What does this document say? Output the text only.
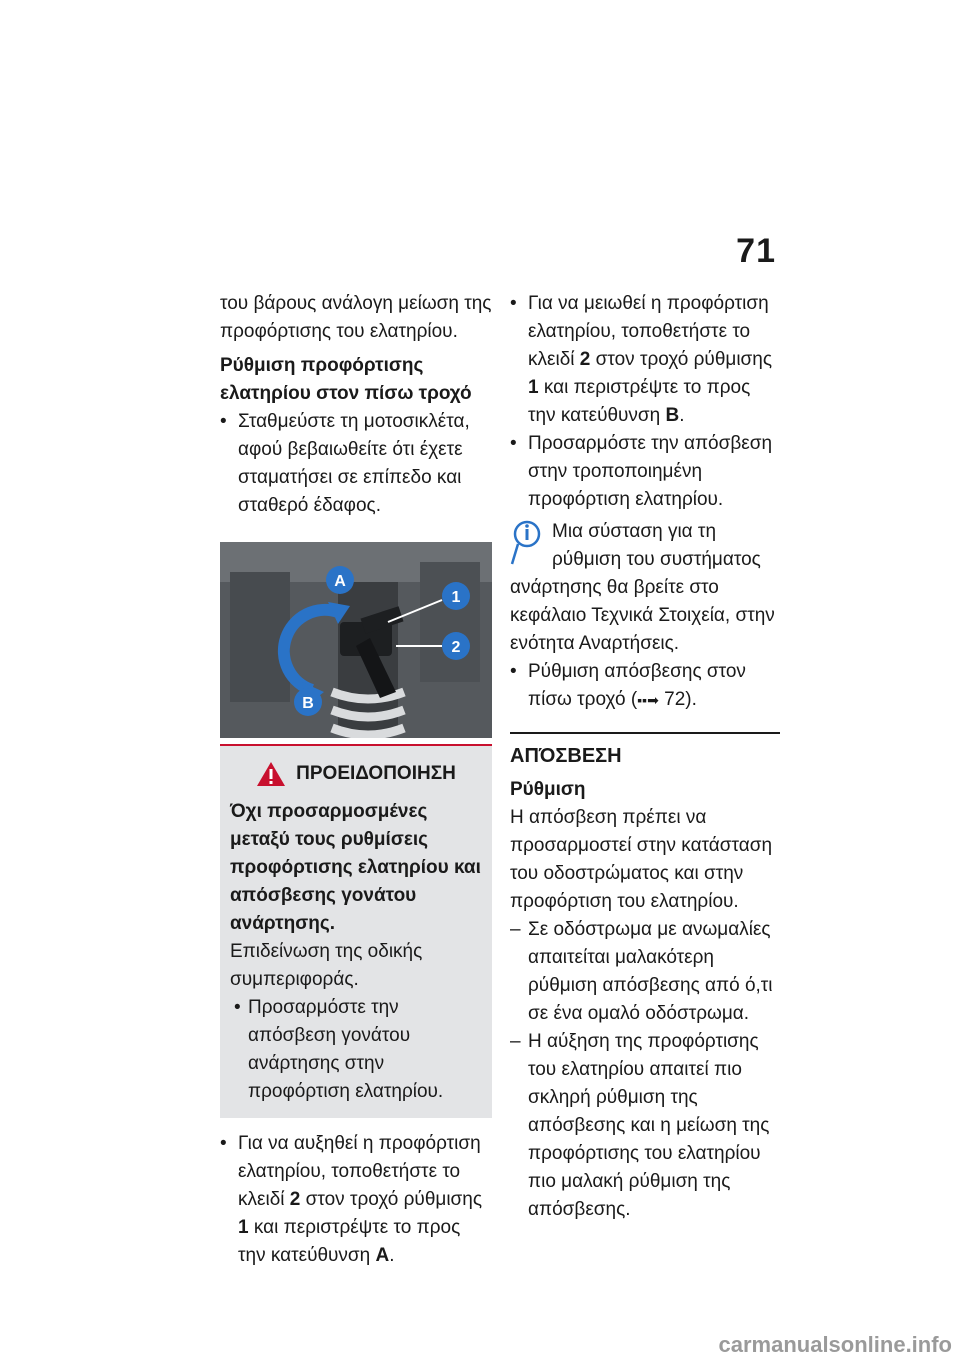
71

του βάρους ανάλογη μείωση της προφόρτισης του ελατηρίου.

Ρύθμιση προφόρτισης ελατηρίου στον πίσω τροχό

• Σταθμεύστε τη μοτοσικλέτα, αφού βεβαιωθείτε ότι έχετε σταματήσει σε επίπεδο και σταθερό έδαφος.

A
B
1
2
ΠΡΟΕΙΔΟΠΟΙΗΣΗ

Όχι προσαρμοσμένες μεταξύ τους ρυθμίσεις προφόρτισης ελατηρίου και απόσβεσης γονάτου ανάρτησης.

Επιδείνωση της οδικής συμπεριφοράς.

• Προσαρμόστε την απόσβεση γονάτου ανάρτησης στην προφόρτιση ελατηρίου.

• Για να αυξηθεί η προφόρτιση ελατηρίου, τοποθετήστε το κλειδί 2 στον τροχό ρύθμισης 1 και περιστρέψτε το προς την κατεύθυνση A.

• Για να μειωθεί η προφόρτιση ελατηρίου, τοποθετήστε το κλειδί 2 στον τροχό ρύθμισης 1 και περιστρέψτε το προς την κατεύθυνση B.

• Προσαρμόστε την απόσβεση στην τροποποιημένη προφόρτιση ελατηρίου.

Μια σύσταση για τη ρύθμιση του συστήματος ανάρτησης θα βρείτε στο κεφάλαιο Τεχνικά Στοιχεία, στην ενότητα Αναρτήσεις.

• Ρύθμιση απόσβεσης στον πίσω τροχό (▪▪➡ 72).

ΑΠΌΣΒΕΣΗ

Ρύθμιση

Η απόσβεση πρέπει να προσαρμοστεί στην κατάσταση του οδοστρώματος και στην προφόρτιση του ελατηρίου.

– Σε οδόστρωμα με ανωμαλίες απαιτείται μαλακότερη ρύθμιση απόσβεσης από ό,τι σε ένα ομαλό οδόστρωμα.

– Η αύξηση της προφόρτισης του ελατηρίου απαιτεί πιο σκληρή ρύθμιση της απόσβεσης και η μείωση της προφόρτισης του ελατηρίου πιο μαλακή ρύθμιση της απόσβεσης.

carmanualsonline.info
